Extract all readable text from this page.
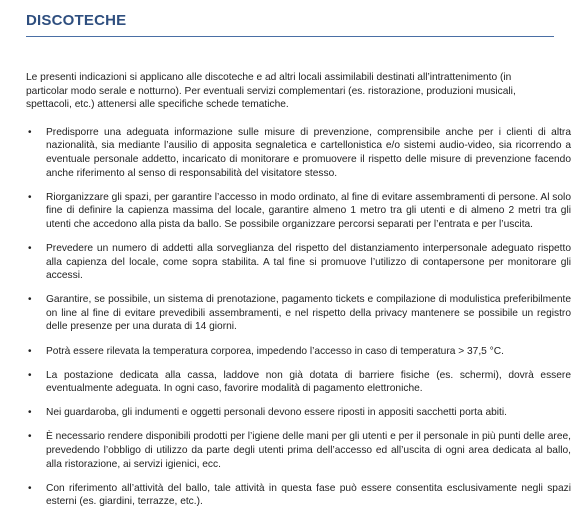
DISCOTECHE

Le presenti indicazioni si applicano alle discoteche e ad altri locali assimilabili destinati all’intrattenimento (in particolar modo serale e notturno). Per eventuali servizi complementari (es. ristorazione, produzioni musicali, spettacoli, etc.) attenersi alle specifiche schede tematiche.

• Predisporre una adeguata informazione sulle misure di prevenzione, comprensibile anche per i clienti di altra nazionalità, sia mediante l’ausilio di apposita segnaletica e cartellonistica e/o sistemi audio-video, sia ricorrendo a eventuale personale addetto, incaricato di monitorare e promuovere il rispetto delle misure di prevenzione facendo anche riferimento al senso di responsabilità del visitatore stesso.
• Riorganizzare gli spazi, per garantire l’accesso in modo ordinato, al fine di evitare assembramenti di persone. Al solo fine di definire la capienza massima del locale, garantire almeno 1 metro tra gli utenti e di almeno 2 metri tra gli utenti che accedono alla pista da ballo. Se possibile organizzare percorsi separati per l’entrata e per l’uscita.
• Prevedere un numero di addetti alla sorveglianza del rispetto del distanziamento interpersonale adeguato rispetto alla capienza del locale, come sopra stabilita. A tal fine si promuove l’utilizzo di contapersone per monitorare gli accessi.
• Garantire, se possibile, un sistema di prenotazione, pagamento tickets e compilazione di modulistica preferibilmente on line al fine di evitare prevedibili assembramenti, e nel rispetto della privacy mantenere se possibile un registro delle presenze per una durata di 14 giorni.
• Potrà essere rilevata la temperatura corporea, impedendo l’accesso in caso di temperatura > 37,5 °C.
• La postazione dedicata alla cassa, laddove non già dotata di barriere fisiche (es. schermi), dovrà essere eventualmente adeguata. In ogni caso, favorire modalità di pagamento elettroniche.
• Nei guardaroba, gli indumenti e oggetti personali devono essere riposti in appositi sacchetti porta abiti.
• È necessario rendere disponibili prodotti per l’igiene delle mani per gli utenti e per il personale in più punti delle aree, prevedendo l’obbligo di utilizzo da parte degli utenti prima dell’accesso ed all’uscita di ogni area dedicata al ballo, alla ristorazione, ai servizi igienici, ecc.
• Con riferimento all’attività del ballo, tale attività in questa fase può essere consentita esclusivamente negli spazi esterni (es. giardini, terrazze, etc.).
